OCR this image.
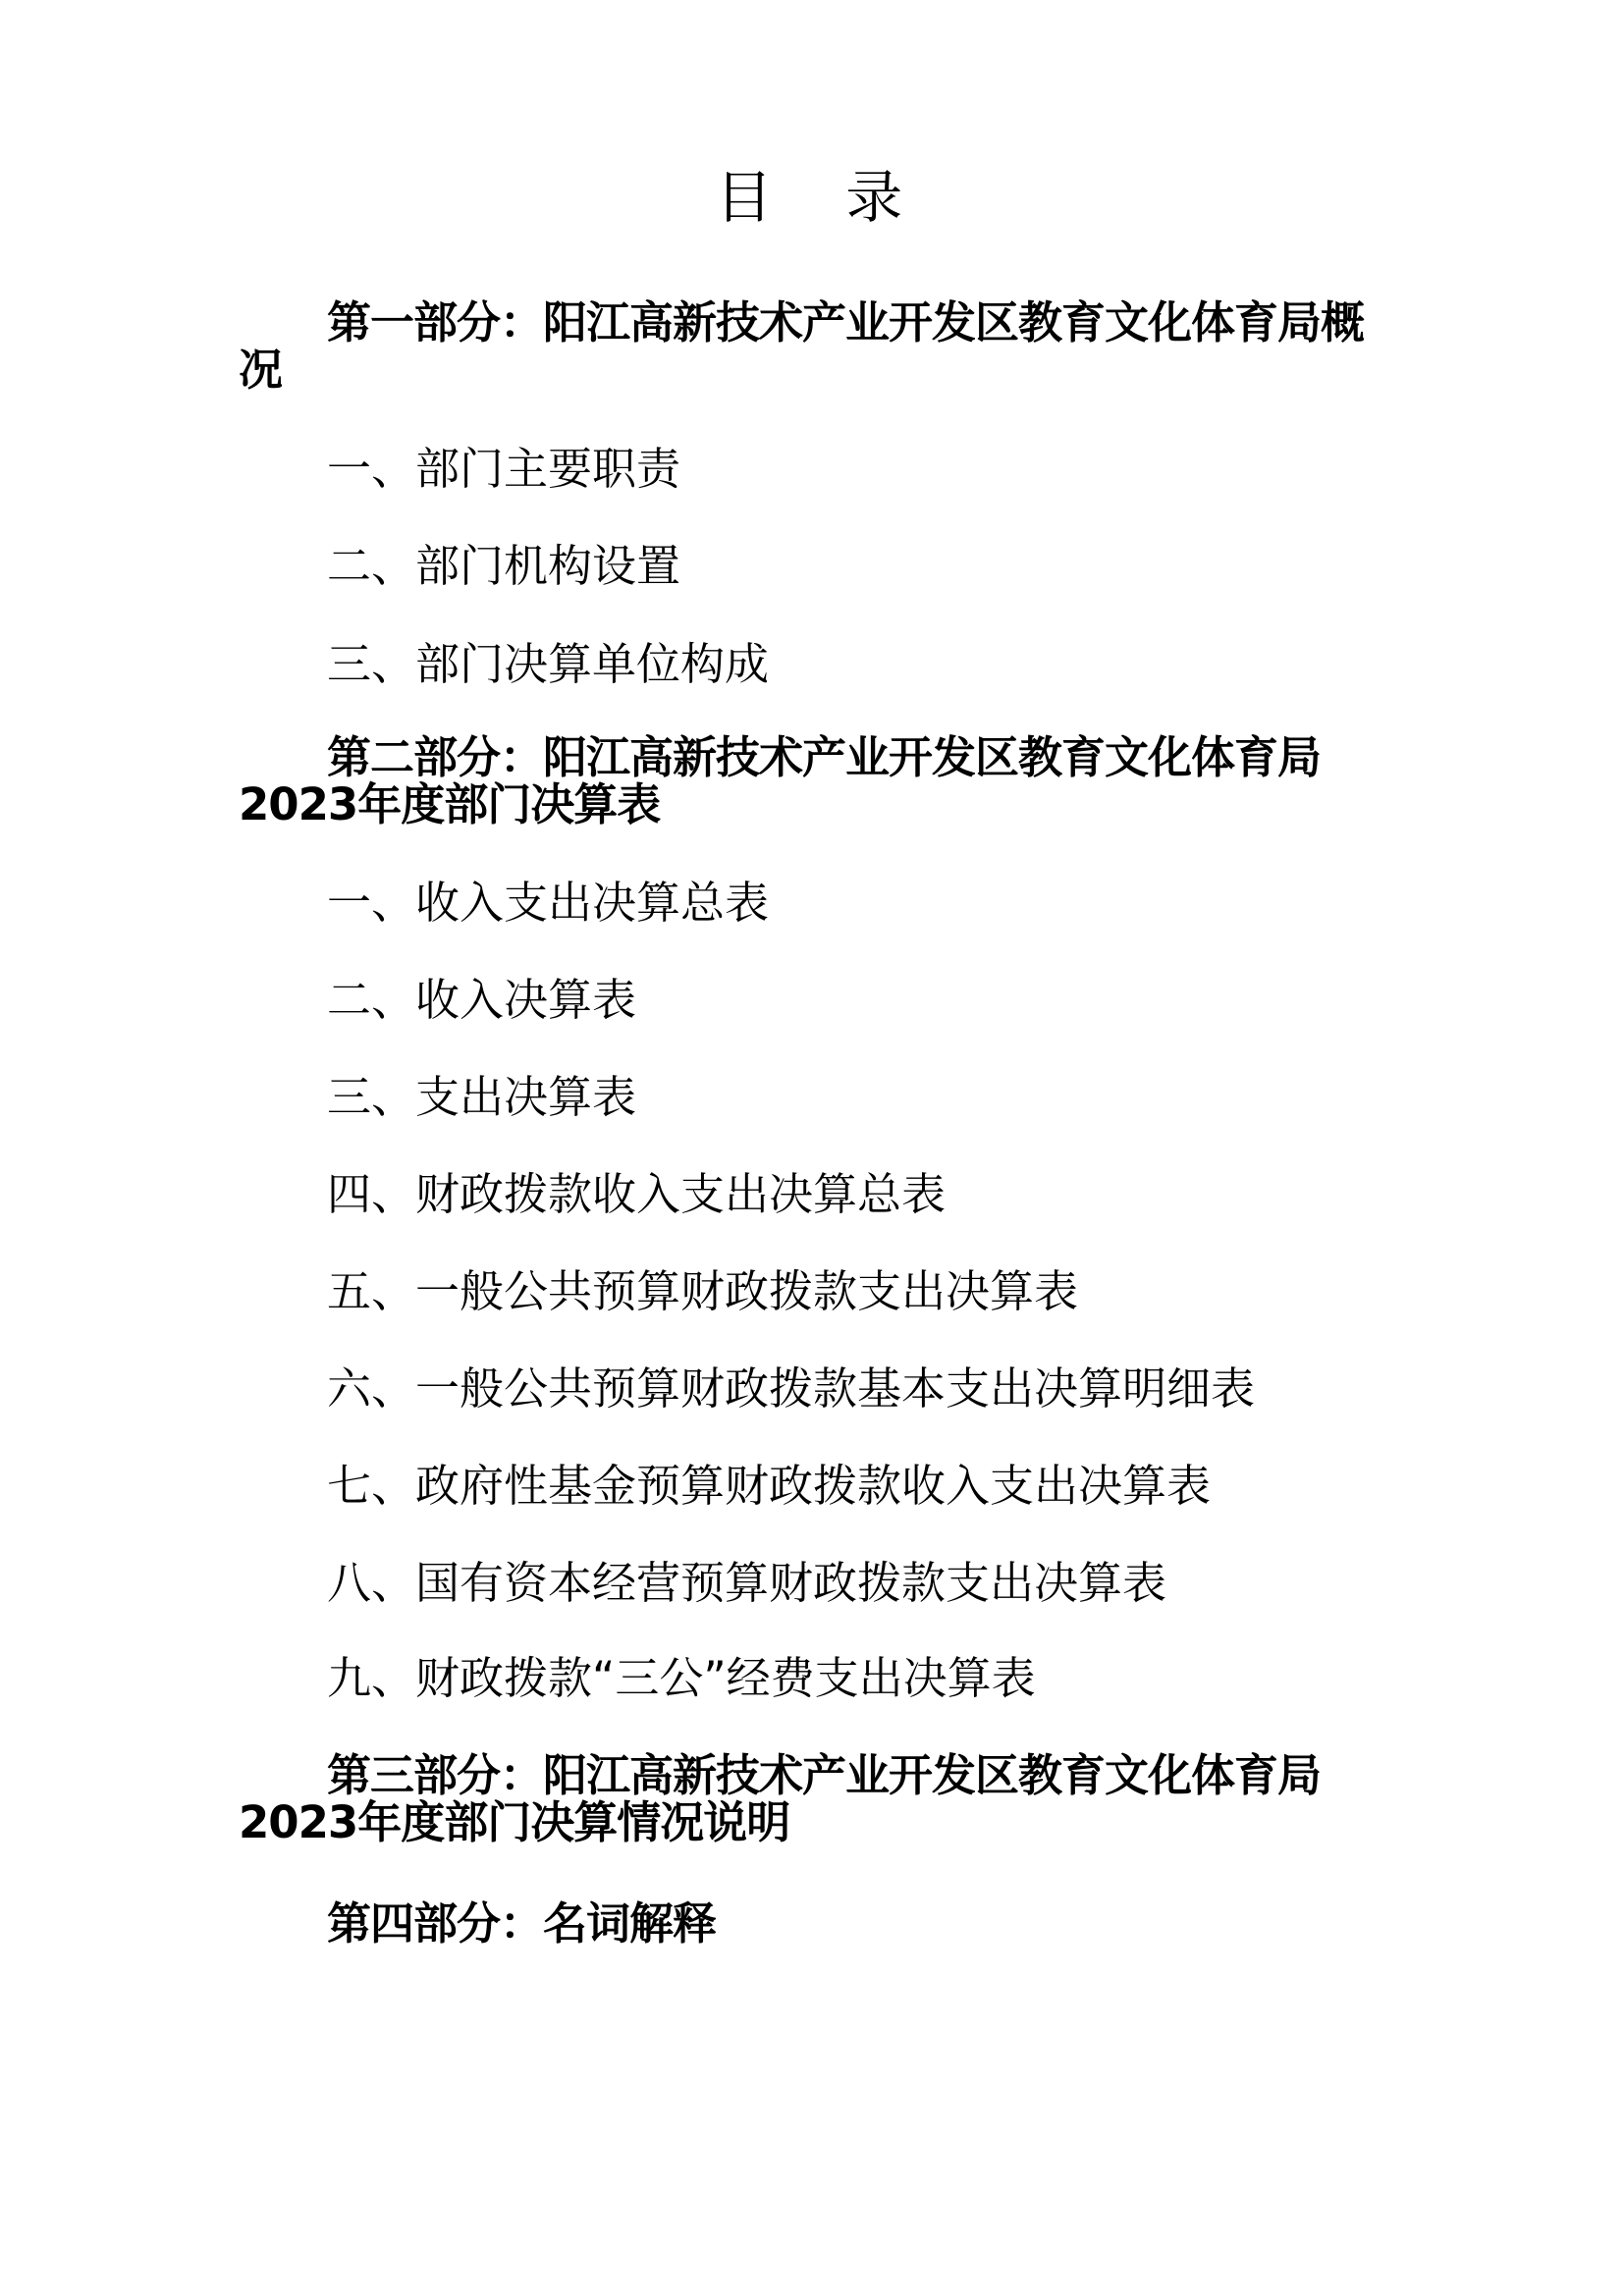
目 录
第一部分：阳江高新技术产业开发区教育文化体育局概
况
一、部门主要职责
二、部门机构设置
三、部门决算单位构成
第二部分：阳江高新技术产业开发区教育文化体育局
2023年度部门决算表
一、收入支出决算总表
二、收入决算表
三、支出决算表
四、财政拨款收入支出决算总表
五、一般公共预算财政拨款支出决算表
六、一般公共预算财政拨款基本支出决算明细表
七、政府性基金预算财政拨款收入支出决算表
八、国有资本经营预算财政拨款支出决算表
九、财政拨款“三公”经费支出决算表
第三部分：阳江高新技术产业开发区教育文化体育局
2023年度部门决算情况说明
第四部分：名词解释
